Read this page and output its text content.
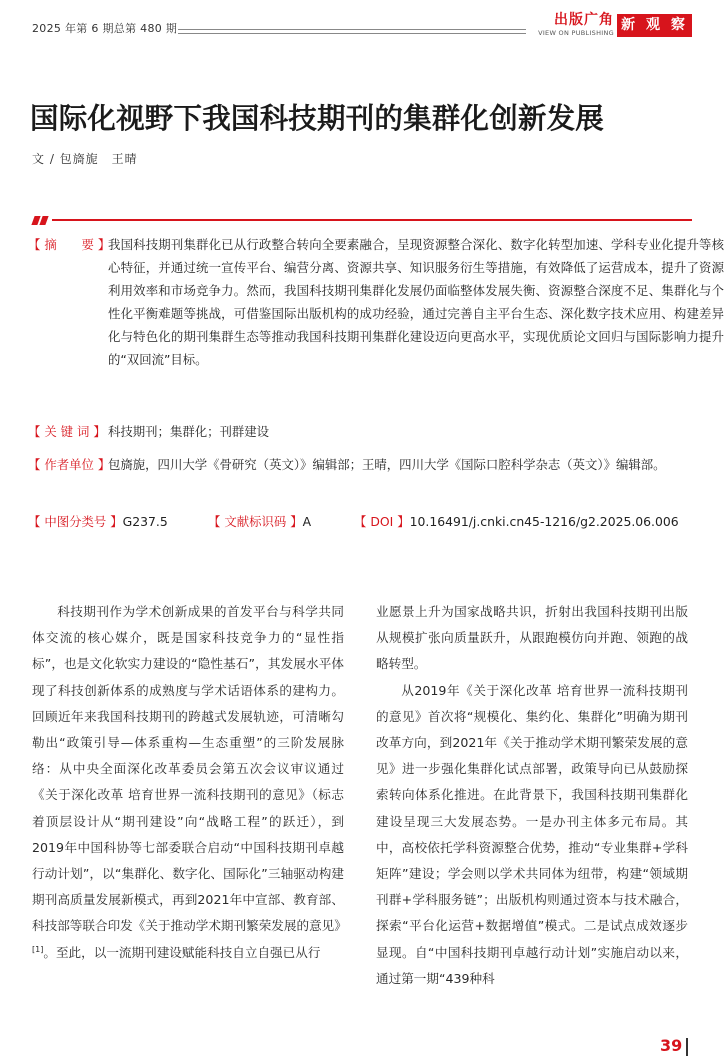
2025 年第 6 期总第 480 期
出版广角
VIEW ON PUBLISHING 新 观 察
国际化视野下我国科技期刊的集群化创新发展
文 / 包旖旎　王晴
【 摘　　要 】
我国科技期刊集群化已从行政整合转向全要素融合，呈现资源整合深化、数字化转型加速、学科专业化提升等核心特征，并通过统一宣传平台、编营分离、资源共享、知识服务衍生等措施，有效降低了运营成本，提升了资源利用效率和市场竞争力。然而，我国科技期刊集群化发展仍面临整体发展失衡、资源整合深度不足、集群化与个性化平衡难题等挑战，可借鉴国际出版机构的成功经验，通过完善自主平台生态、深化数字技术应用、构建差异化与特色化的期刊集群生态等推动我国科技期刊集群化建设迈向更高水平，实现优质论文回归与国际影响力提升的“双回流”目标。
【 关 键 词 】 科技期刊；集群化；刊群建设
【 作者单位 】
包旖旎，四川大学《骨研究（英文）》编辑部；王晴，四川大学《国际口腔科学杂志（英文）》编辑部。
【 中图分类号 】G237.5	【 文献标识码 】A	【 DOI 】10.16491/j.cnki.cn45-1216/g2.2025.06.006

科技期刊作为学术创新成果的首发平台与科学共同体交流的核心媒介，既是国家科技竞争力的“显性指标”，也是文化软实力建设的“隐性基石”，其发展水平体现了科技创新体系的成熟度与学术话语体系的建构力。回顾近年来我国科技期刊的跨越式发展轨迹，可清晰勾勒出“政策引导—体系重构—生态重塑”的三阶发展脉络：从中央全面深化改革委员会第五次会议审议通过《关于深化改革 培育世界一流科技期刊的意见》（标志着顶层设计从“期刊建设”向“战略工程”的跃迁），到2019年中国科协等七部委联合启动“中国科技期刊卓越行动计划”，以“集群化、数字化、国际化”三轴驱动构建期刊高质量发展新模式，再到2021年中宣部、教育部、科技部等联合印发《关于推动学术期刊繁荣发展的意见》[1]。至此，以一流期刊建设赋能科技自立自强已从行

业愿景上升为国家战略共识，折射出我国科技期刊出版从规模扩张向质量跃升，从跟跑模仿向并跑、领跑的战略转型。

从2019年《关于深化改革 培育世界一流科技期刊的意见》首次将“规模化、集约化、集群化”明确为期刊改革方向，到2021年《关于推动学术期刊繁荣发展的意见》进一步强化集群化试点部署，政策导向已从鼓励探索转向体系化推进。在此背景下，我国科技期刊集群化建设呈现三大发展态势。一是办刊主体多元布局。其中，高校依托学科资源整合优势，推动“专业集群+学科矩阵”建设；学会则以学术共同体为纽带，构建“领域期刊群+学科服务链”；出版机构则通过资本与技术融合，探索“平台化运营+数据增值”模式。二是试点成效逐步显现。自“中国科技期刊卓越行动计划”实施启动以来，通过第一期“439种科

39
